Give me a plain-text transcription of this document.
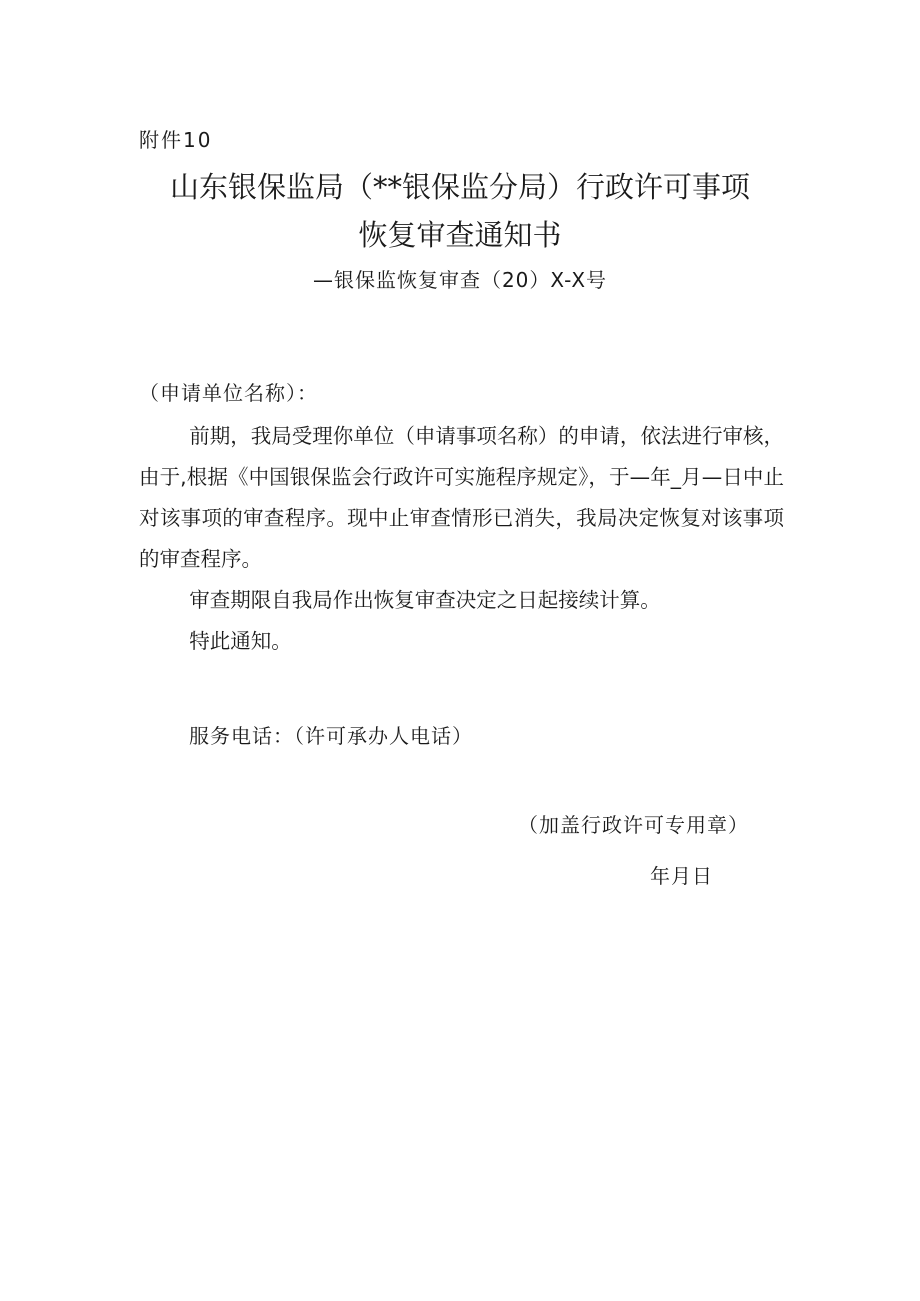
附件10
山东银保监局（**银保监分局）行政许可事项
恢复审查通知书
—银保监恢复审查（20）X-X号
（申请单位名称）：

前期，我局受理你单位（申请事项名称）的申请，依法进行审核，由于,根据《中国银保监会行政许可实施程序规定》，于—年_月—日中止对该事项的审查程序。现中止审查情形已消失，我局决定恢复对该事项的审查程序。

审查期限自我局作出恢复审查决定之日起接续计算。

特此通知。

服务电话：（许可承办人电话）
（加盖行政许可专用章）
年月日
